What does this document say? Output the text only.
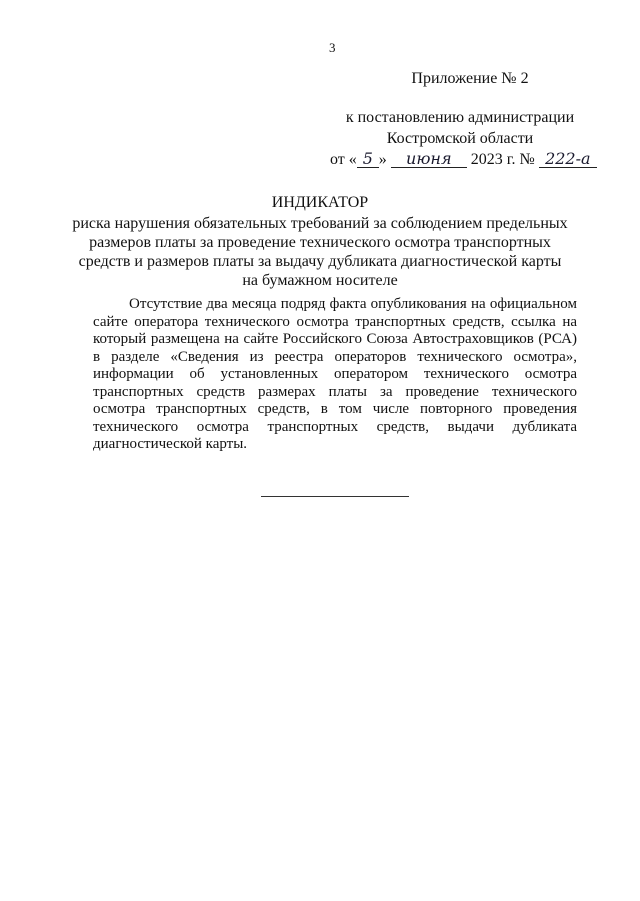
3
Приложение № 2
к постановлению администрации
Костромской области
от « 5 » июня 2023 г. № 222-а
ИНДИКАТОР
риска нарушения обязательных требований за соблюдением предельных размеров платы за проведение технического осмотра транспортных средств и размеров платы за выдачу дубликата диагностической карты на бумажном носителе
Отсутствие два месяца подряд факта опубликования на официальном сайте оператора технического осмотра транспортных средств, ссылка на который размещена на сайте Российского Союза Автостраховщиков (РСА) в разделе «Сведения из реестра операторов технического осмотра», информации об установленных оператором технического осмотра транспортных средств размерах платы за проведение технического осмотра транспортных средств, в том числе повторного проведения технического осмотра транспортных средств, выдачи дубликата диагностической карты.
